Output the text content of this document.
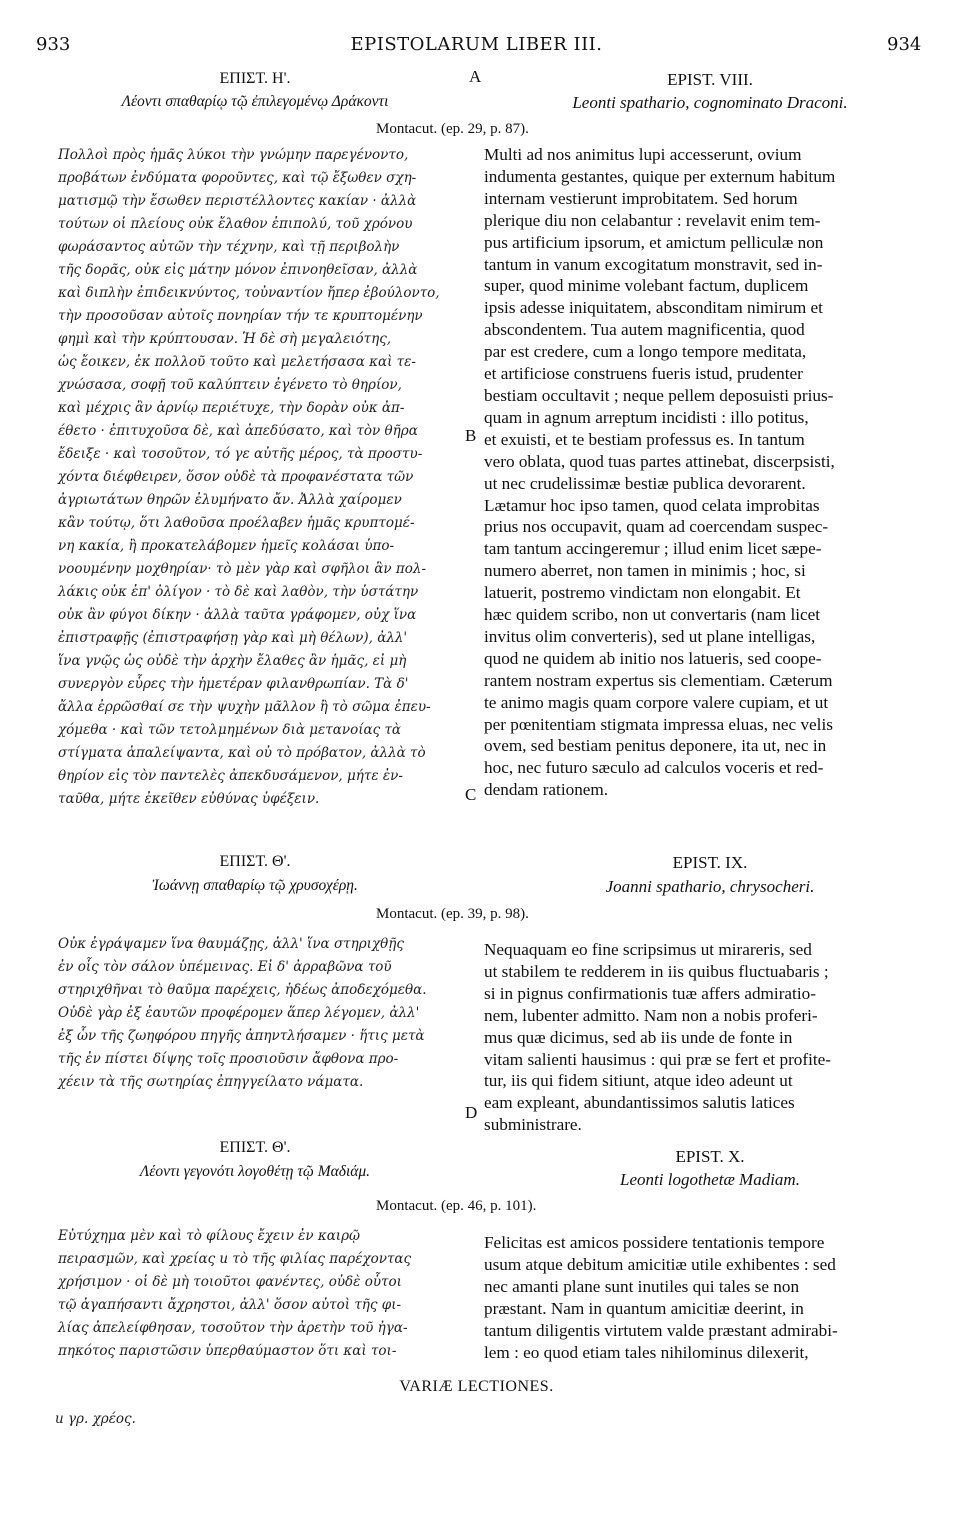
933	EPISTOLARUM LIBER III.	934
A
B
C
D
ΕΠΙΣΤ. Η'.
Λέοντι σπαθαρίῳ τῷ ἐπιλεγομένῳ Δράκοντι
EPIST. VIII.
Leonti spathario, cognominato Draconi.
Montacut. (ep. 29, p. 87).
Πολλοὶ πρὸς ἡμᾶς λύκοι τὴν γνώμην παρεγένοντο,
προβάτων ἐνδύματα φοροῦντες, καὶ τῷ ἔξωθεν σχη-
ματισμῷ τὴν ἔσωθεν περιστέλλοντες κακίαν · ἀλλὰ
τούτων οἱ πλείους οὐκ ἔλαθον ἐπιπολύ, τοῦ χρόνου
φωράσαντος αὐτῶν τὴν τέχνην, καὶ τῇ περιβολὴν
τῆς δορᾶς, οὐκ εἰς μάτην μόνον ἐπινοηθεῖσαν, ἀλλὰ
καὶ διπλὴν ἐπιδεικνύντος, τοὐναντίον ἤπερ ἐβούλοντο,
τὴν προσοῦσαν αὐτοῖς πονηρίαν τήν τε κρυπτομένην
φημὶ καὶ τὴν κρύπτουσαν. Ἡ δὲ σὴ μεγαλειότης,
ὡς ἔοικεν, ἐκ πολλοῦ τοῦτο καὶ μελετήσασα καὶ τε-
χνώσασα, σοφῇ τοῦ καλύπτειν ἐγένετο τὸ θηρίον,
καὶ μέχρις ἂν ἀρνίῳ περιέτυχε, τὴν δορὰν οὐκ ἀπ-
έθετο · ἐπιτυχοῦσα δὲ, καὶ ἀπεδύσατο, καὶ τὸν θῆρα
ἔδειξε · καὶ τοσοῦτον, τό γε αὐτῆς μέρος, τὰ προστυ-
χόντα διέφθειρεν, ὅσον οὐδὲ τὰ προφανέστατα τῶν
ἀγριωτάτων θηρῶν ἐλυμήνατο ἄν. Ἀλλὰ χαίρομεν
κἂν τούτῳ, ὅτι λαθοῦσα προέλαβεν ἡμᾶς κρυπτομέ-
νη κακία, ἢ προκατελάβομεν ἡμεῖς κολάσαι ὑπο-
νοουμένην μοχθηρίαν· τὸ μὲν γὰρ καὶ σφῆλοι ἂν πολ-
λάκις οὐκ ἐπ' ὀλίγον · τὸ δὲ καὶ λαθὸν, τὴν ὑστάτην
οὐκ ἂν φύγοι δίκην · ἀλλὰ ταῦτα γράφομεν, οὐχ ἵνα
ἐπιστραφῇς (ἐπιστραφήσῃ γὰρ καὶ μὴ θέλων), ἀλλ'
ἵνα γνῷς ὡς οὐδὲ τὴν ἀρχὴν ἔλαθες ἂν ἡμᾶς, εἰ μὴ
συνεργὸν εὗρες τὴν ἡμετέραν φιλανθρωπίαν. Τὰ δ'
ἄλλα ἐρρῶσθαί σε τὴν ψυχὴν μᾶλλον ἢ τὸ σῶμα ἐπευ-
χόμεθα · καὶ τῶν τετολμημένων διὰ μετανοίας τὰ
στίγματα ἀπαλείψαντα, καὶ οὐ τὸ πρόβατον, ἀλλὰ τὸ
θηρίον εἰς τὸν παντελὲς ἀπεκδυσάμενον, μήτε ἐν-
ταῦθα, μήτε ἐκεῖθεν εὐθύνας ὑφέξειν.
Multi ad nos animitus lupi accesserunt, ovium
indumenta gestantes, quique per externum habitum
internam vestierunt improbitatem. Sed horum
plerique diu non celabantur : revelavit enim tem-
pus artificium ipsorum, et amictum pelliculæ non
tantum in vanum excogitatum monstravit, sed in-
super, quod minime volebant factum, duplicem
ipsis adesse iniquitatem, absconditam nimirum et
abscondentem. Tua autem magnificentia, quod
par est credere, cum a longo tempore meditata,
et artificiose construens fueris istud, prudenter
bestiam occultavit ; neque pellem deposuisti prius-
quam in agnum arreptum incidisti : illo potitus,
et exuisti, et te bestiam professus es. In tantum
vero oblata, quod tuas partes attinebat, discerpsisti,
ut nec crudelissimæ bestiæ publica devorarent.
Lætamur hoc ipso tamen, quod celata improbitas
prius nos occupavit, quam ad coercendam suspec-
tam tantum accingeremur ; illud enim licet sæpe-
numero aberret, non tamen in minimis ; hoc, si
latuerit, postremo vindictam non elongabit. Et
hæc quidem scribo, non ut convertaris (nam licet
invitus olim converteris), sed ut plane intelligas,
quod ne quidem ab initio nos latueris, sed coope-
rantem nostram expertus sis clementiam. Cæterum
te animo magis quam corpore valere cupiam, et ut
per pœnitentiam stigmata impressa eluas, nec velis
ovem, sed bestiam penitus deponere, ita ut, nec in
hoc, nec futuro sæculo ad calculos voceris et red-
dendam rationem.
ΕΠΙΣΤ. Θ'.
Ἰωάννῃ σπαθαρίῳ τῷ χρυσοχέρῃ.
EPIST. IX.
Joanni spathario, chrysocheri.
Montacut. (ep. 39, p. 98).
Οὐκ ἐγράψαμεν ἵνα θαυμάζῃς, ἀλλ' ἵνα στηριχθῇς
ἐν οἷς τὸν σάλον ὑπέμεινας. Εἰ δ' ἀρραβῶνα τοῦ
στηριχθῆναι τὸ θαῦμα παρέχεις, ἡδέως ἀποδεχόμεθα.
Οὐδὲ γὰρ ἐξ ἑαυτῶν προφέρομεν ἅπερ λέγομεν, ἀλλ'
ἐξ ὧν τῆς ζωηφόρου πηγῆς ἀπηντλήσαμεν · ἥτις μετὰ
τῆς ἐν πίστει δίψης τοῖς προσιοῦσιν ἄφθονα προ-
χέειν τὰ τῆς σωτηρίας ἐπηγγείλατο νάματα.
Nequaquam eo fine scripsimus ut mirareris, sed
ut stabilem te redderem in iis quibus fluctuabaris ;
si in pignus confirmationis tuæ affers admiratio-
nem, lubenter admitto. Nam non a nobis proferi-
mus quæ dicimus, sed ab iis unde de fonte in
vitam salienti hausimus : qui præ se fert et profite-
tur, iis qui fidem sitiunt, atque ideo adeunt ut
eam expleant, abundantissimos salutis latices
subministrare.
ΕΠΙΣΤ. Θ'.
Λέοντι γεγονότι λογοθέτῃ τῷ Μαδιάμ.
EPIST. X.
Leonti logothetæ Madiam.
Montacut. (ep. 46, p. 101).
Εὐτύχημα μὲν καὶ τὸ φίλους ἔχειν ἐν καιρῷ
πειρασμῶν, καὶ χρείας u τὸ τῆς φιλίας παρέχοντας
χρήσιμον · οἱ δὲ μὴ τοιοῦτοι φανέντες, οὐδὲ οὗτοι
τῷ ἀγαπήσαντι ἄχρηστοι, ἀλλ' ὅσον αὐτοὶ τῆς φι-
λίας ἀπελείφθησαν, τοσοῦτον τὴν ἀρετὴν τοῦ ἠγα-
πηκότος παριστῶσιν ὑπερθαύμαστον ὅτι καὶ τοι-
Felicitas est amicos possidere tentationis tempore
usum atque debitum amicitiæ utile exhibentes : sed
nec amanti plane sunt inutiles qui tales se non
præstant. Nam in quantum amicitiæ deerint, in
tantum diligentis virtutem valde præstant admirabi-
lem : eo quod etiam tales nihilominus dilexerit,
VARIÆ LECTIONES.
u γρ. χρέος.
